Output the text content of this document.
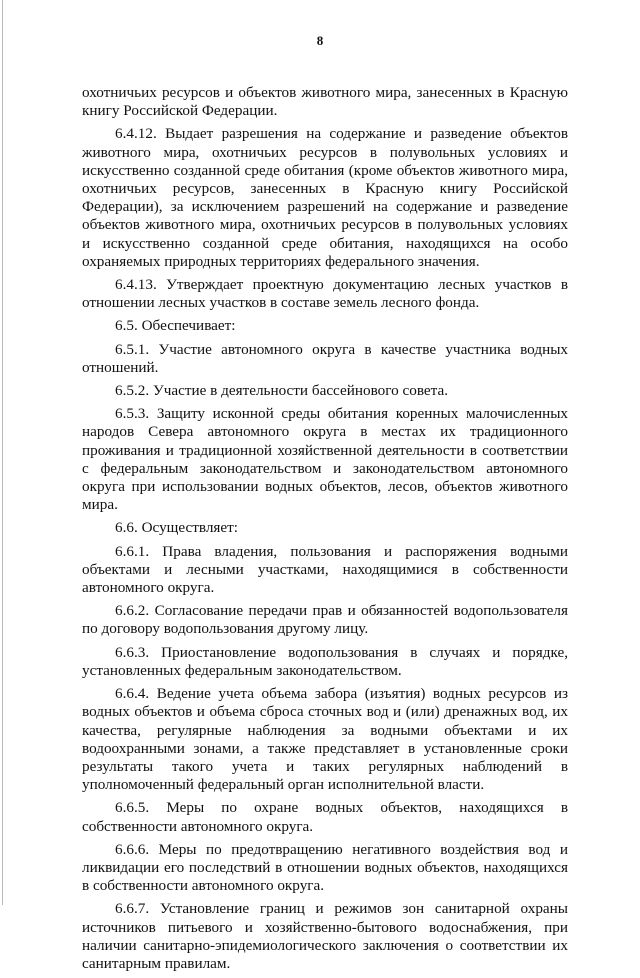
8

охотничьих ресурсов и объектов животного мира, занесенных в Красную книгу Российской Федерации.

6.4.12. Выдает разрешения на содержание и разведение объектов животного мира, охотничьих ресурсов в полувольных условиях и искусственно созданной среде обитания (кроме объектов животного мира, охотничьих ресурсов, занесенных в Красную книгу Российской Федерации), за исключением разрешений на содержание и разведение объектов животного мира, охотничьих ресурсов в полувольных условиях и искусственно созданной среде обитания, находящихся на особо охраняемых природных территориях федерального значения.

6.4.13. Утверждает проектную документацию лесных участков в отношении лесных участков в составе земель лесного фонда.

6.5. Обеспечивает:

6.5.1. Участие автономного округа в качестве участника водных отношений.

6.5.2. Участие в деятельности бассейнового совета.

6.5.3. Защиту исконной среды обитания коренных малочисленных народов Севера автономного округа в местах их традиционного проживания и традиционной хозяйственной деятельности в соответствии с федеральным законодательством и законодательством автономного округа при использовании водных объектов, лесов, объектов животного мира.

6.6. Осуществляет:

6.6.1. Права владения, пользования и распоряжения водными объектами и лесными участками, находящимися в собственности автономного округа.

6.6.2. Согласование передачи прав и обязанностей водопользователя по договору водопользования другому лицу.

6.6.3. Приостановление водопользования в случаях и порядке, установленных федеральным законодательством.

6.6.4. Ведение учета объема забора (изъятия) водных ресурсов из водных объектов и объема сброса сточных вод и (или) дренажных вод, их качества, регулярные наблюдения за водными объектами и их водоохранными зонами, а также представляет в установленные сроки результаты такого учета и таких регулярных наблюдений в уполномоченный федеральный орган исполнительной власти.

6.6.5. Меры по охране водных объектов, находящихся в собственности автономного округа.

6.6.6. Меры по предотвращению негативного воздействия вод и ликвидации его последствий в отношении водных объектов, находящихся в собственности автономного округа.

6.6.7. Установление границ и режимов зон санитарной охраны источников питьевого и хозяйственно-бытового водоснабжения, при наличии санитарно-эпидемиологического заключения о соответствии их санитарным правилам.
